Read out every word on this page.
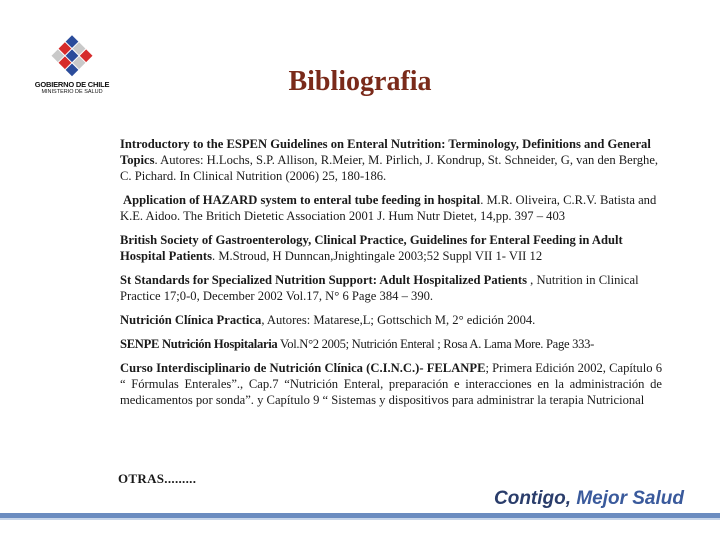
GOBIERNO DE CHILE
MINISTERIO DE SALUD	Bibliografia
Introductory to the ESPEN Guidelines on Enteral Nutrition: Terminology, Definitions and General Topics. Autores: H.Lochs, S.P. Allison, R.Meier, M. Pirlich, J. Kondrup, St. Schneider, G, van den Berghe, C. Pichard. In Clinical Nutrition (2006) 25, 180-186.
Application of HAZARD system to enteral tube feeding in hospital. M.R. Oliveira, C.R.V. Batista and K.E. Aidoo. The Britich Dietetic Association 2001 J. Hum Nutr Dietet, 14,pp. 397 – 403
British Society of Gastroenterology, Clinical Practice, Guidelines for Enteral Feeding in Adult Hospital Patients. M.Stroud, H Dunncan,Jnightingale 2003;52 Suppl VII 1- VII 12
St Standards for Specialized Nutrition Support: Adult Hospitalized Patients , Nutrition in Clinical Practice 17;0-0, December 2002 Vol.17, N° 6 Page 384 – 390.
Nutrición Clínica Practica, Autores: Matarese,L; Gottschich M, 2° edición 2004.
SENPE Nutrición Hospitalaria Vol.N°2 2005; Nutrición Enteral ; Rosa A. Lama More. Page 333-
Curso Interdisciplinario de Nutrición Clínica (C.I.N.C.)- FELANPE; Primera Edición 2002, Capítulo 6 “ Fórmulas Enterales”., Cap.7 “Nutrición Enteral, preparación e interacciones en la administración de medicamentos por sonda”. y Capítulo 9 “ Sistemas y dispositivos para administrar la terapia Nutricional
OTRAS.........
Contigo, Mejor Salud
